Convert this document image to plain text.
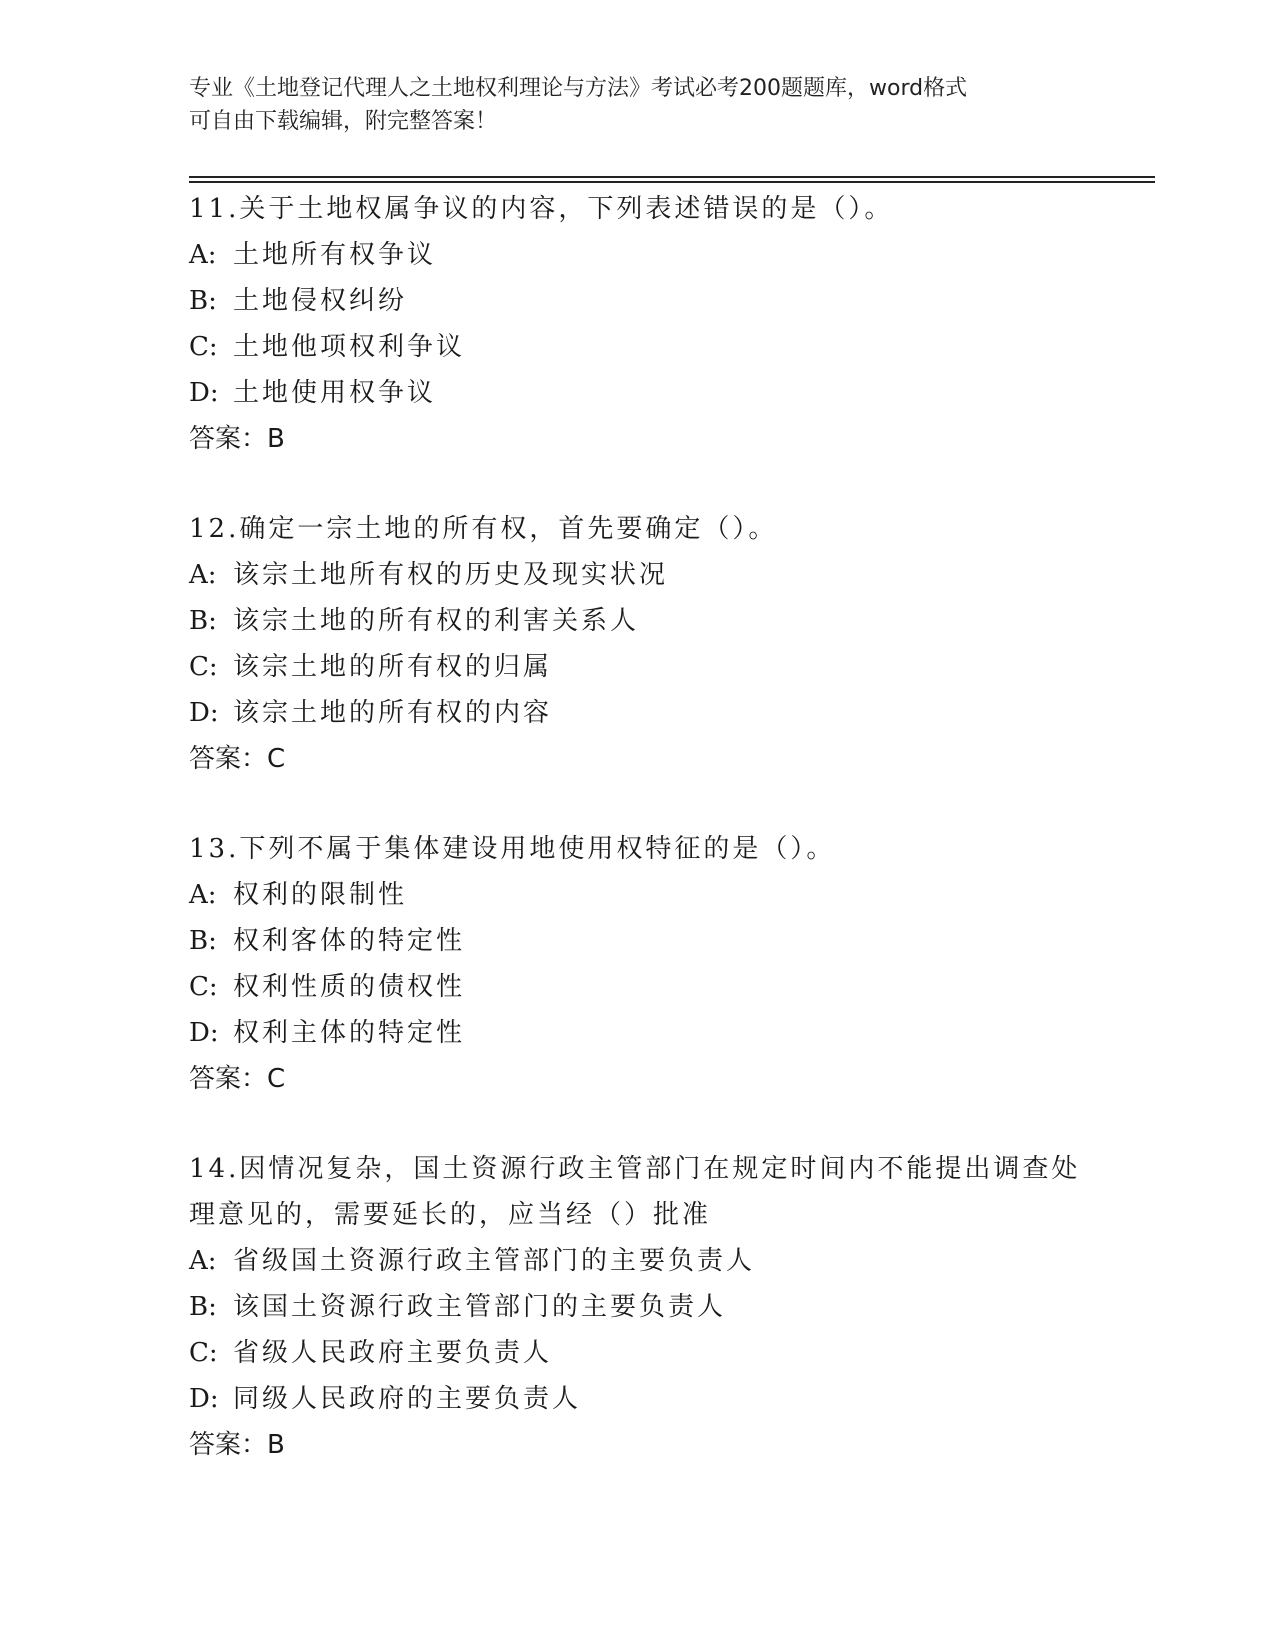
专业《土地登记代理人之土地权利理论与方法》考试必考200题题库，word格式
可自由下载编辑，附完整答案！
11.关于土地权属争议的内容，下列表述错误的是（）。
A: 土地所有权争议
B: 土地侵权纠纷
C: 土地他项权利争议
D: 土地使用权争议
答案：B
12.确定一宗土地的所有权，首先要确定（）。
A: 该宗土地所有权的历史及现实状况
B: 该宗土地的所有权的利害关系人
C: 该宗土地的所有权的归属
D: 该宗土地的所有权的内容
答案：C
13.下列不属于集体建设用地使用权特征的是（）。
A: 权利的限制性
B: 权利客体的特定性
C: 权利性质的债权性
D: 权利主体的特定性
答案：C
14.因情况复杂，国土资源行政主管部门在规定时间内不能提出调查处
理意见的，需要延长的，应当经（）批准
A: 省级国土资源行政主管部门的主要负责人
B: 该国土资源行政主管部门的主要负责人
C: 省级人民政府主要负责人
D: 同级人民政府的主要负责人
答案：B
